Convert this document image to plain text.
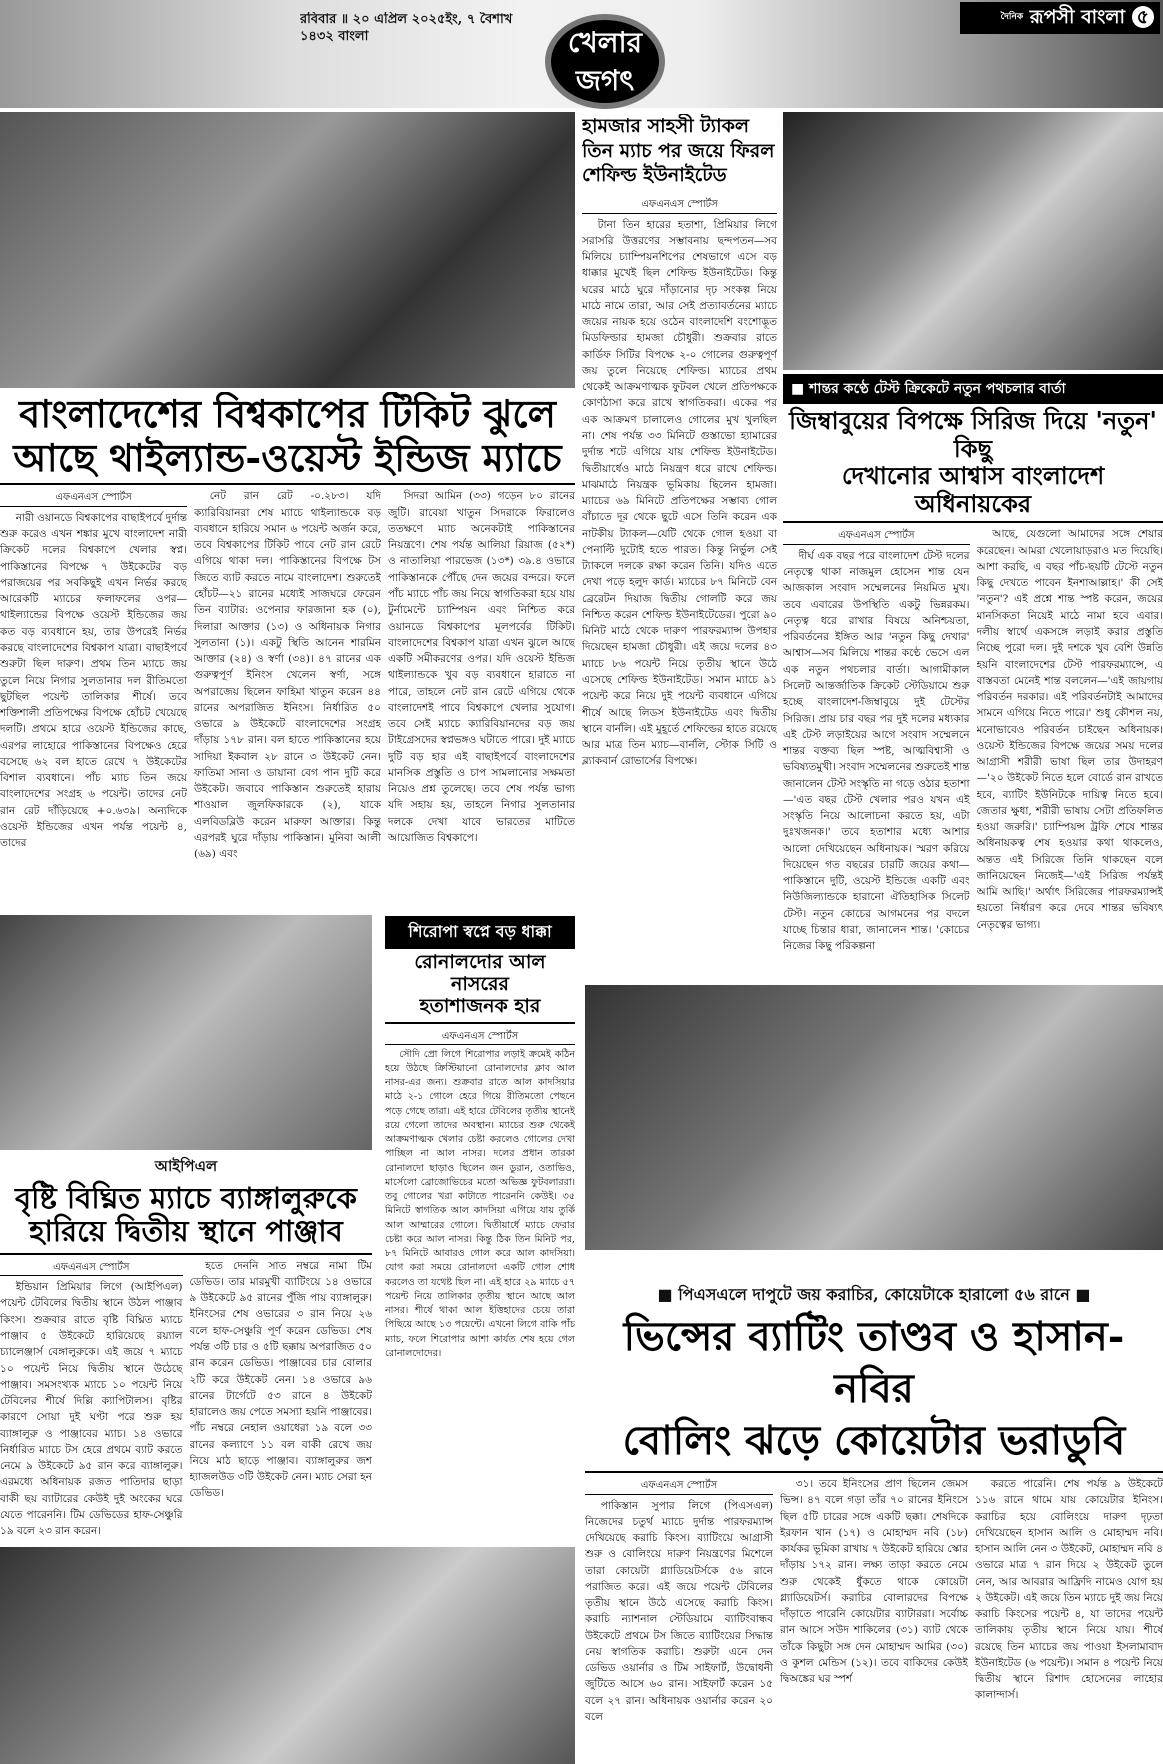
রবিবার ॥ ২০ এপ্রিল ২০২৫ইং, ৭ বৈশাখ ১৪৩২ বাংলা	খেলার
জগৎ
$^{দৈনিক}$ রূপসী বাংলা ৫
বাংলাদেশের বিশ্বকাপের টিকিট ঝুলে
আছে থাইল্যান্ড-ওয়েস্ট ইন্ডিজ ম্যাচে
এফএনএস স্পোর্টস

নারী ওয়ানডে বিশ্বকাপের বাছাইপর্বে দুর্দান্ত শুরু করেও এখন শঙ্কার মুখে বাংলাদেশ নারী ক্রিকেট দলের বিশ্বকাপে খেলার স্বপ্ন। পাকিস্তানের বিপক্ষে ৭ উইকেটের বড় পরাজয়ের পর সবকিছুই এখন নির্ভর করছে আরেকটি ম্যাচের ফলাফলের ওপর—থাইল্যান্ডের বিপক্ষে ওয়েস্ট ইন্ডিজের জয় কত বড় ব্যবধানে হয়, তার উপরেই নির্ভর করছে বাংলাদেশের বিশ্বকাপ যাত্রা। বাছাইপর্বে শুরুটা ছিল দারুণ। প্রথম তিন ম্যাচে জয় তুলে নিয়ে নিগার সুলতানার দল রীতিমতো ছুটছিল পয়েন্ট তালিকার শীর্ষে। তবে শক্তিশালী প্রতিপক্ষের বিপক্ষে হোঁচট খেয়েছে দলটি। প্রথমে হারে ওয়েস্ট ইন্ডিজের কাছে, এরপর লাহোরে পাকিস্তানের বিপক্ষেও হেরে বসেছে ৬২ বল হাতে রেখে ৭ উইকেটের বিশাল ব্যবধানে। পাঁচ ম্যাচ তিন জয়ে বাংলাদেশের সংগ্রহ ৬ পয়েন্ট। তাদের নেট রান রেট দাঁড়িয়েছে +০.৬৩৯। অন্যদিকে ওয়েস্ট ইন্ডিজের এখন পর্যন্ত পয়েন্ট ৪, তাদের

নেট রান রেট -০.২৮৩। যদি ক্যারিবিয়ানরা শেষ ম্যাচে থাইল্যান্ডকে বড় ব্যবধানে হারিয়ে সমান ৬ পয়েন্ট অর্জন করে, তবে বিশ্বকাপের টিকিট পাবে নেট রান রেটে এগিয়ে থাকা দল। পাকিস্তানের বিপক্ষে টস জিতে ব্যাট করতে নামে বাংলাদেশ। শুরুতেই হোঁচট—২১ রানের মধ্যেই সাজঘরে ফেরেন তিন ব্যাটার: ওপেনার ফারজানা হক (০), দিলারা আক্তার (১৩) ও অধিনায়ক নিগার সুলতানা (১)। একটু স্থিতি আনেন শারমিন আক্তার (২৪) ও স্বর্ণা (৩৪)। ৪৭ রানের এক গুরুত্বপূর্ণ ইনিংস খেলেন স্বর্ণা, সঙ্গে অপরাজেয় ছিলেন ফাহিমা খাতুন করেন ৪৪ রানের অপরাজিত ইনিংস। নির্ধারিত ৫০ ওভারে ৯ উইকেটে বাংলাদেশের সংগ্রহ দাঁড়ায় ১৭৮ রান। বল হাতে পাকিস্তানের হয়ে সাদিয়া ইকবাল ২৮ রানে ৩ উইকেট নেন। ফাতিমা সানা ও ডায়ানা বেগ পান দুটি করে উইকেট। জবাবে পাকিস্তান শুরুতেই হারায় শাওয়াল জুলফিকারকে (২), যাকে এলবিডব্লিউ করেন মারুফা আক্তার। কিন্তু এরপরই ঘুরে দাঁড়ায় পাকিস্তান। মুনিবা আলী (৬৯) এবং

সিদরা আমিন (৩৩) গড়েন ৮০ রানের জুটি। রাবেয়া খাতুন সিদরাকে ফিরালেও ততক্ষণে ম্যাচ অনেকটাই পাকিস্তানের নিয়ন্ত্রণে। শেষ পর্যন্ত আলিয়া রিয়াজ (৫২*) ও নাতালিয়া পারভেজ (১৩*) ৩৯.৪ ওভারে পাকিস্তানকে পৌঁছে দেন জয়ের বন্দরে। ফলে পাঁচ ম্যাচে পাঁচ জয় নিয়ে স্বাগতিকরা হয়ে যায় টুর্নামেন্টে চ্যাম্পিয়ন এবং নিশ্চিত করে ওয়ানডে বিশ্বকাপের মূলপর্বের টিকিট। বাংলাদেশের বিশ্বকাপ যাত্রা এখন ঝুলে আছে একটি সমীকরণের ওপর। যদি ওয়েস্ট ইন্ডিজ থাইল্যান্ডকে খুব বড় ব্যবধানে হারাতে না পারে, তাহলে নেট রান রেটে এগিয়ে থেকে বাংলাদেশই পাবে বিশ্বকাপে খেলার সুযোগ। তবে সেই ম্যাচে ক্যারিবিয়ানদের বড় জয় টাইগ্রেসদের স্বপ্নভঙ্গও ঘটাতে পারে। দুই ম্যাচে দুটি বড় হার এই বাছাইপর্বে বাংলাদেশের মানসিক প্রস্তুতি ও চাপ সামলানোর সক্ষমতা নিয়েও প্রশ্ন তুলেছে। তবে শেষ পর্যন্ত ভাগ্য যদি সহায় হয়, তাহলে নিগার সুলতানার দলকে দেখা যাবে ভারতের মাটিতে আয়োজিত বিশ্বকাপে।

আইপিএল
বৃষ্টি বিঘ্নিত ম্যাচে ব্যাঙ্গালুরুকে
হারিয়ে দ্বিতীয় স্থানে পাঞ্জাব
এফএনএস স্পোর্টস

ইন্ডিয়ান প্রিমিয়ার লিগে (আইপিএল) পয়েন্ট টেবিলের দ্বিতীয় স্থানে উঠল পাঞ্জাব কিংস। শুক্রবার রাতে বৃষ্টি বিঘ্নিত ম্যাচে পাঞ্জাব ৫ উইকেটে হারিয়েছে রয়্যাল চ্যালেঞ্জার্স বেঙ্গালুরুকে। এই জয়ে ৭ ম্যাচে ১০ পয়েন্ট নিয়ে দ্বিতীয় স্থানে উঠেছে পাঞ্জাব। সমসংখ্যক ম্যাচে ১০ পয়েন্ট নিয়ে টেবিলের শীর্ষে দিল্লি ক্যাপিটালস। বৃষ্টির কারণে সোয়া দুই ঘণ্টা পরে শুরু হয় ব্যাঙ্গালুরু ও পাঞ্জাবের ম্যাচ। ১৪ ওভারে নির্ধারিত ম্যাচে টস হেরে প্রথমে ব্যাট করতে নেমে ৯ উইকেটে ৯৫ রান করে ব্যাঙ্গালুরু। এরমধ্যে অধিনায়ক রজত পাতিদার ছাড়া বাকী ছয় ব্যাটারের কেউই দুই অংকের ঘরে যেতে পারেননি। টিম ডেভিডের হাফ-সেঞ্চুরি ১৯ বলে ২৩ রান করেন।

হতে দেননি সাত নম্বরে নামা টিম ডেভিড। তার মারমুখী ব্যাটিংয়ে ১৪ ওভারে ৯ উইকেটে ৯৫ রানের পুঁজি পায় ব্যাঙ্গালুরু। ইনিংসের শেষ ওভারের ৩ রান নিয়ে ২৬ বলে হাফ-সেঞ্চুরি পূর্ণ করেন ডেভিড। শেষ পর্যন্ত ৩টি চার ও ৫টি ছক্কায় অপরাজিত ৫০ রান করেন ডেভিড। পাঞ্জাবের চার বোলার ২টি করে উইকেট নেন। ১৪ ওভারে ৯৬ রানের টার্গেটে ৫৩ রানে ৪ উইকেট হারালেও জয় পেতে সমস্যা হয়নি পাঞ্জাবের। পাঁচ নম্বরে নেহাল ওয়াধেরা ১৯ বলে ৩৩ রানের কল্যাণে ১১ বল বাকী রেখে জয় নিয়ে মাঠ ছাড়ে পাঞ্জাব। ব্যাঙ্গালুরুর জশ হ্যাজলউড ৩টি উইকেট নেন। ম্যাচ সেরা হন ডেভিড।

শিরোপা স্বপ্নে বড় ধাক্কা
রোনালদোর আল নাসরের
হতাশাজনক হার
এফএনএস স্পোর্টস

সৌদি প্রো লিগে শিরোপার লড়াই ক্রমেই কঠিন হয়ে উঠছে ক্রিস্টিয়ানো রোনালদোর ক্লাব আল নাসর-এর জন্য। শুক্রবার রাতে আল কাদসিয়ার মাঠে ২-১ গোলে হেরে গিয়ে রীতিমতো পেছনে পড়ে গেছে তারা। এই হারে টেবিলের তৃতীয় স্থানেই রয়ে গেলো তাদের অবস্থান। ম্যাচের শুরু থেকেই আক্রমণাত্মক খেলার চেষ্টা করলেও গোলের দেখা পাচ্ছিল না আল নাসর। দলের প্রধান তারকা রোনালদো ছাড়াও ছিলেন জন ডুরান, ওতাভিও, মার্সেলো ব্রোজোভিচের মতো অভিজ্ঞ ফুটবলাররা। তবু গোলের খরা কাটাতে পারেননি কেউই। ৩৫ মিনিটে স্বাগতিক আল কাদসিয়া এগিয়ে যায় তুর্কি আল আম্মারের গোলে। দ্বিতীয়ার্ধে ম্যাচে ফেরার চেষ্টা করে আল নাসর। কিন্তু ঠিক তিন মিনিট পর, ৮৭ মিনিটে আবারও গোল করে আল কাদসিয়া। যোগ করা সময়ে রোনালদো একটি গোল শোধ করলেও তা যথেষ্ট ছিল না। এই হারে ২৯ ম্যাচে ৫৭ পয়েন্ট নিয়ে তালিকার তৃতীয় স্থানে আছে আল নাসর। শীর্ষে থাকা আল ইত্তিহাদের চেয়ে তারা পিছিয়ে আছে ১৩ পয়েন্টে। এখনো লিগে বাকি পাঁচ ম্যাচ, ফলে শিরোপার আশা কার্যত শেষ হয়ে গেল রোনালদোদের।

হামজার সাহসী ট্যাকল
তিন ম্যাচ পর জয়ে ফিরল
শেফিল্ড ইউনাইটেড
এফএনএস স্পোর্টস

টানা তিন হারের হতাশা, প্রিমিয়ার লিগে সরাসরি উত্তরণের সম্ভাবনায় ছন্দপতন—সব মিলিয়ে চ্যাম্পিয়নশিপের শেষভাগে এসে বড় ধাক্কার মুখেই ছিল শেফিল্ড ইউনাইটেড। কিন্তু ঘরের মাঠে ঘুরে দাঁড়ানোর দৃঢ় সংকল্প নিয়ে মাঠে নামে তারা, আর সেই প্রত্যাবর্তনের ম্যাচে জয়ের নায়ক হয়ে ওঠেন বাংলাদেশি বংশোদ্ভূত মিডফিল্ডার হামজা চৌধুরী। শুক্রবার রাতে কার্ডিফ সিটির বিপক্ষে ২-০ গোলের গুরুত্বপূর্ণ জয় তুলে নিয়েছে শেফিল্ড। ম্যাচের প্রথম থেকেই আক্রমণাত্মক ফুটবল খেলে প্রতিপক্ষকে কোণঠাসা করে রাখে স্বাগতিকরা। একের পর এক আক্রমণ চালালেও গোলের মুখ খুলছিল না। শেষ পর্যন্ত ৩৩ মিনিটে গুস্তাভো হ্যামারের দুর্দান্ত শটে এগিয়ে যায় শেফিল্ড ইউনাইটেড। দ্বিতীয়ার্ধেও মাঠে নিয়ন্ত্রণ ধরে রাখে শেফিল্ড। মাঝমাঠে নিয়ন্ত্রক ভূমিকায় ছিলেন হামজা। ম্যাচের ৬৯ মিনিটে প্রতিপক্ষের সম্ভাব্য গোল বাঁচাতে দূর থেকে ছুটে এসে তিনি করেন এক নাটকীয় ট্যাকল—যেটি থেকে গোল হওয়া বা পেনাল্টি দুটোই হতে পারত। কিন্তু নির্ভুল সেই ট্যাকলে দলকে রক্ষা করেন তিনি। যদিও এতে দেখা পড়ে হলুদ কার্ড। ম্যাচের ৮৭ মিনিটে বেন ব্রেরেটন দিয়াজ দ্বিতীয় গোলটি করে জয় নিশ্চিত করেন শেফিল্ড ইউনাইটেডের। পুরো ৯০ মিনিট মাঠে থেকে দারুণ পারফরম্যান্স উপহার দিয়েছেন হামজা চৌধুরী। এই জয়ে দলের ৪৩ ম্যাচে ৮৬ পয়েন্ট নিয়ে তৃতীয় স্থানে উঠে এসেছে শেফিল্ড ইউনাইটেড। সমান ম্যাচে ৯১ পয়েন্ট করে নিয়ে দুই পয়েন্ট ব্যবধানে এগিয়ে শীর্ষে আছে লিডস ইউনাইটেড এবং দ্বিতীয় স্থানে বার্নলি। এই মুহূর্তে শেফিল্ডের হাতে রয়েছে আর মাত্র তিন ম্যাচ—বার্নলি, স্টোক সিটি ও ব্ল্যাকবার্ন রোভার্সের বিপক্ষে।

■ শান্তর কণ্ঠে টেস্ট ক্রিকেটে নতুন পথচলার বার্তা
জিম্বাবুয়ের বিপক্ষে সিরিজ দিয়ে 'নতুন' কিছু
দেখানোর আশ্বাস বাংলাদেশ অধিনায়কের
এফএনএস স্পোর্টস

দীর্ঘ এক বছর পরে বাংলাদেশ টেস্ট দলের নেতৃত্বে থাকা নাজমুল হোসেন শান্ত যেন আজকাল সংবাদ সম্মেলনের নিয়মিত মুখ। তবে এবারের উপস্থিতি একটু ভিন্নরকম। নেতৃত্ব ধরে রাখার বিষয়ে অনিশ্চয়তা, পরিবর্তনের ইঙ্গিত আর 'নতুন কিছু দেখার' আশ্বাস—সব মিলিয়ে শান্তর কণ্ঠে ভেসে এল এক নতুন পথচলার বার্তা। আগামীকাল সিলেট আন্তর্জাতিক ক্রিকেট স্টেডিয়ামে শুরু হচ্ছে বাংলাদেশ-জিম্বাবুয়ে দুই টেস্টের সিরিজ। প্রায় চার বছর পর দুই দলের মধ্যকার এই টেস্ট লড়াইয়ের আগে সংবাদ সম্মেলনে শান্তর বক্তব্য ছিল স্পষ্ট, আত্মবিশ্বাসী ও ভবিষ্যতমুখী। সংবাদ সম্মেলনের শুরুতেই শান্ত জানালেন টেস্ট সংস্কৃতি না গড়ে ওঠার হতাশা—'এত বছর টেস্ট খেলার পরও যখন এই সংস্কৃতি নিয়ে আলোচনা করতে হয়, এটা দুঃখজনক।' তবে হতাশার মধ্যে আশার আলো দেখিয়েছেন অধিনায়ক। স্মরণ করিয়ে দিয়েছেন গত বছরের চারটি জয়ের কথা—পাকিস্তানে দুটি, ওয়েস্ট ইন্ডিজে একটি এবং নিউজিল্যান্ডকে হারানো ঐতিহাসিক সিলেট টেস্ট। নতুন কোচের আগমনের পর বদলে যাচ্ছে চিন্তার ধারা, জানালেন শান্ত। 'কোচের নিজের কিছু পরিকল্পনা

আছে, যেগুলো আমাদের সঙ্গে শেয়ার করেছেন। আমরা খেলোয়াড়রাও মত দিয়েছি। আশা করছি, এ বছর পাঁচ-ছয়টি টেস্টে নতুন কিছু দেখতে পাবেন ইনশাআল্লাহ।' কী সেই 'নতুন'? এই প্রশ্নে শান্ত স্পষ্ট করেন, জয়ের মানসিকতা নিয়েই মাঠে নামা হবে এবার। দলীয় স্বার্থে একসঙ্গে লড়াই করার প্রস্তুতি নিচ্ছে পুরো দল। দুই দশকে খুব বেশি উন্নতি হয়নি বাংলাদেশের টেস্ট পারফরম্যান্সে, এ বাস্তবতা মেনেই শান্ত বললেন—'এই জায়গায় পরিবর্তন দরকার। এই পরিবর্তনটাই আমাদের সামনে এগিয়ে নিতে পারে।' শুধু কৌশল নয়, মনোভাবেও পরিবর্তন চাইছেন অধিনায়ক। ওয়েস্ট ইন্ডিজের বিপক্ষে জয়ের সময় দলের আগ্রাসী শরীরী ভাষা ছিল তার উদাহরণ—'২০ উইকেট নিতে হলে বোর্ডে রান রাখতে হবে, ব্যাটিং ইউনিটকে দায়িত্ব নিতে হবে। জেতার ক্ষুধা, শরীরী ভাষায় সেটা প্রতিফলিত হওয়া জরুরি।' চ্যাম্পিয়ন্স ট্রফি শেষে শান্তর অধিনায়কত্ব শেষ হওয়ার কথা থাকলেও, অন্তত এই সিরিজে তিনি থাকছেন বলে জানিয়েছেন নিজেই—'এই সিরিজ পর্যন্তই আমি আছি।' অর্থাৎ সিরিজের পারফরম্যান্সই হয়তো নির্ধারণ করে দেবে শান্তর ভবিষ্যৎ নেতৃত্বের ভাগ্য।

■ পিএসএলে দাপুটে জয় করাচির, কোয়েটাকে হারালো ৫৬ রানে ■
ভিন্সের ব্যাটিং তাণ্ডব ও হাসান-নবির
বোলিং ঝড়ে কোয়েটার ভরাডুবি
এফএনএস স্পোর্টস

পাকিস্তান সুপার লিগে (পিএসএল) নিজেদের চতুর্থ ম্যাচে দুর্দান্ত পারফরম্যান্স দেখিয়েছে করাচি কিংস। ব্যাটিংয়ে আগ্রাসী শুরু ও বোলিংয়ে দারুণ নিয়ন্ত্রণের মিশেলে তারা কোয়েটা গ্ল্যাডিয়েটর্সকে ৫৬ রানে পরাজিত করে। এই জয়ে পয়েন্ট টেবিলের তৃতীয় স্থানে উঠে এসেছে করাচি কিংস। করাচি ন্যাশনাল স্টেডিয়ামে ব্যাটিংবান্ধব উইকেটে প্রথমে টস জিতে ব্যাটিংয়ের সিদ্ধান্ত নেয় স্বাগতিক করাচি। শুরুটা এনে দেন ডেভিড ওয়ার্নার ও টিম সাইফার্ট, উদ্বোধনী জুটিতে আসে ৬০ রান। সাইফার্ট করেন ১৫ বলে ২৭ রান। অধিনায়ক ওয়ার্নার করেন ২০ বলে

৩১। তবে ইনিংসের প্রাণ ছিলেন জেমস ভিন্স। ৪৭ বলে গড়া তাঁর ৭০ রানের ইনিংসে ছিল ৫টি চারের সঙ্গে একটি ছক্কা। শেষদিকে ইরফান খান (১৭) ও মোহাম্মদ নবি (১৮) কার্যকর ভূমিকা রাখায় ৭ উইকেট হারিয়ে স্কোর দাঁড়ায় ১৭২ রান। লক্ষ্য তাড়া করতে নেমে শুরু থেকেই ধুঁকতে থাকে কোয়েটা গ্ল্যাডিয়েটর্স। করাচির বোলারদের বিপক্ষে দাঁড়াতে পারেনি কোয়েটার ব্যাটাররা। সর্বোচ্চ রান আসে সউদ শাকিলের (৩১) ব্যাট থেকে তাঁকে কিছুটা সঙ্গ দেন মোহাম্মদ আমির (৩০) ও কুশল মেন্ডিস (১২)। তবে বাকিদের কেউই দ্বিঅঙ্কের ঘর স্পর্শ

করতে পারেনি। শেষ পর্যন্ত ৯ উইকেটে ১১৬ রানে থামে যায় কোয়েটার ইনিংস। করাচির হয়ে বোলিংয়ে দারুণ দৃঢ়তা দেখিয়েছেন হাসান আলি ও মোহাম্মদ নবি। হাসান আলি নেন ৩ উইকেট, মোহাম্মদ নবি ৪ ওভারে মাত্র ৭ রান দিয়ে ২ উইকেট তুলে নেন, আর আবরার আফ্রিদি নামেও যোগ হয় ২ উইকেট। এই জয়ে তিন ম্যাচে দুই জয় নিয়ে করাচি কিংসের পয়েন্ট ৪, যা তাদের পয়েন্ট তালিকায় তৃতীয় স্থানে নিয়ে যায়। শীর্ষে রয়েছে তিন ম্যাচের জয় পাওয়া ইসলামাবাদ ইউনাইটেড (৬ পয়েন্ট)। সমান ৪ পয়েন্ট নিয়ে দ্বিতীয় স্থানে রিশাদ হোসেনের লাহোর কালান্দার্স।
